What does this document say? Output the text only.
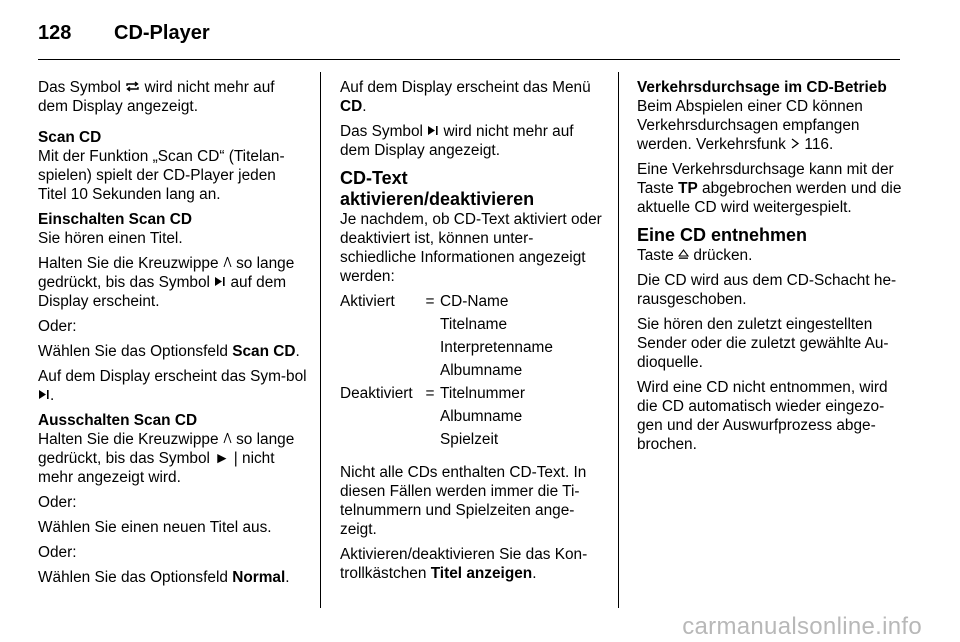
128 CD-Player

Das Symbol  wird nicht mehr auf dem Display angezeigt.

Scan CD

Mit der Funktion „Scan CD“ (Titelan-spielen) spielt der CD-Player jeden Titel 10 Sekunden lang an.

Einschalten Scan CD

Sie hören einen Titel.

Halten Sie die Kreuzwippe  so lange gedrückt, bis das Symbol  auf dem Display erscheint.

Oder:

Wählen Sie das Optionsfeld Scan CD.

Auf dem Display erscheint das Sym-bol .

Ausschalten Scan CD

Halten Sie die Kreuzwippe  so lange gedrückt, bis das Symbol ► | nicht mehr angezeigt wird.

Oder:

Wählen Sie einen neuen Titel aus.

Oder:

Wählen Sie das Optionsfeld Normal.

Auf dem Display erscheint das Menü CD.

Das Symbol  wird nicht mehr auf dem Display angezeigt.

CD-Text aktivieren/deaktivieren

Je nachdem, ob CD-Text aktiviert oder deaktiviert ist, können unter-schiedliche Informationen angezeigt werden:

Aktiviert	=	CD-Name
		Titelname
		Interpretenname
		Albumname
Deaktiviert	=	Titelnummer
		Albumname
		Spielzeit

Nicht alle CDs enthalten CD-Text. In diesen Fällen werden immer die Ti-telnummern und Spielzeiten ange-zeigt.

Aktivieren/deaktivieren Sie das Kon-trollkästchen Titel anzeigen.

Verkehrsdurchsage im CD-Betrieb

Beim Abspielen einer CD können Verkehrsdurchsagen empfangen werden. Verkehrsfunk  116.

Eine Verkehrsdurchsage kann mit der Taste TP abgebrochen werden und die aktuelle CD wird weitergespielt.

Eine CD entnehmen

Taste  drücken.

Die CD wird aus dem CD-Schacht he-rausgeschoben.

Sie hören den zuletzt eingestellten Sender oder die zuletzt gewählte Au-dioquelle.

Wird eine CD nicht entnommen, wird die CD automatisch wieder eingezo-gen und der Auswurfprozess abge-brochen.

carmanualsonline.info
